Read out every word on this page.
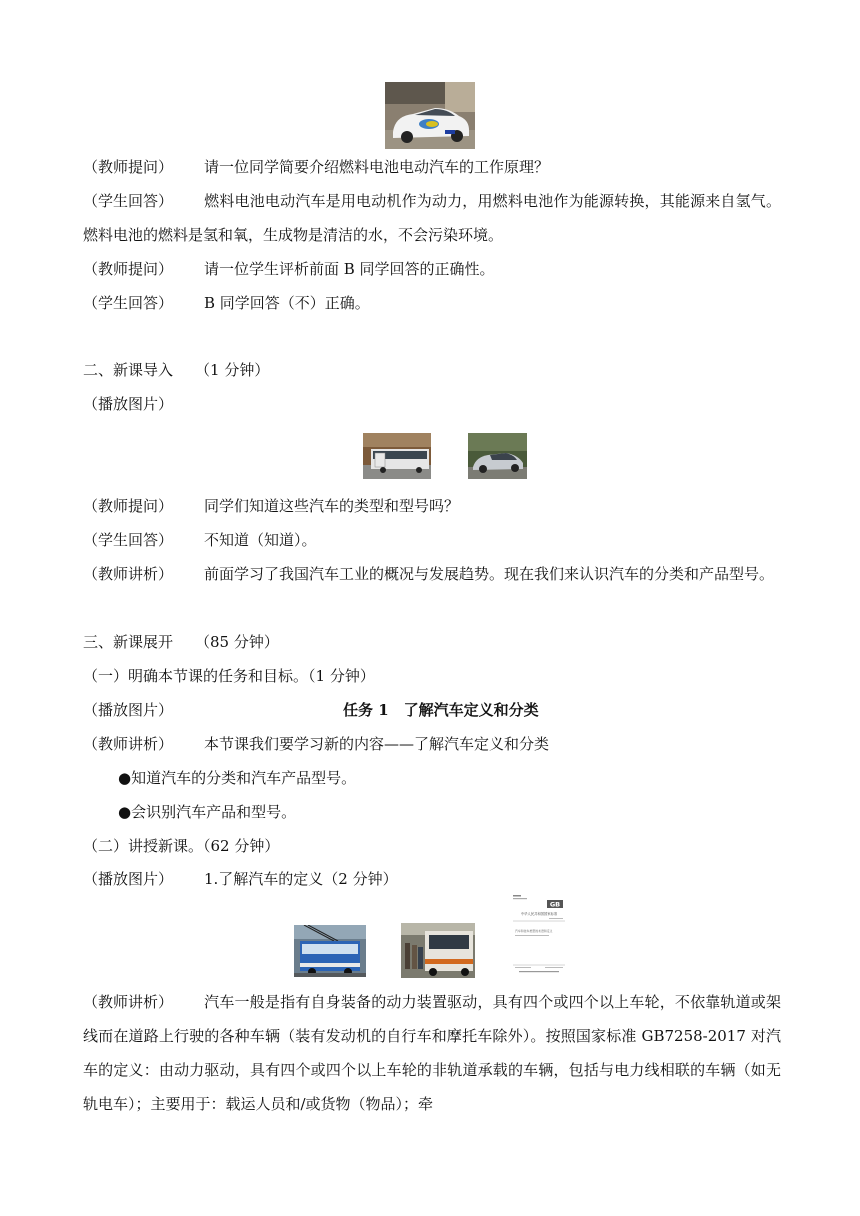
（教师提问） 请一位同学简要介绍燃料电池电动汽车的工作原理？
（学生回答） 燃料电池电动汽车是用电动机作为动力，用燃料电池作为能源转换，其能源来自氢气。燃料电池的燃料是氢和氧，生成物是清洁的水，不会污染环境。
（教师提问） 请一位学生评析前面 B 同学回答的正确性。
（学生回答） B 同学回答（不）正确。
二、新课导入 （1 分钟）
（播放图片）
（教师提问） 同学们知道这些汽车的类型和型号吗？
（学生回答） 不知道（知道）。
（教师讲析） 前面学习了我国汽车工业的概况与发展趋势。现在我们来认识汽车的分类和产品型号。
三、新课展开 （85 分钟）
（一）明确本节课的任务和目标。（1 分钟）
（播放图片）	任务 1　了解汽车定义和分类
（教师讲析） 本节课我们要学习新的内容——了解汽车定义和分类
●知道汽车的分类和汽车产品型号。
●会识别汽车产品和型号。
（二）讲授新课。（62 分钟）
（播放图片） 1.了解汽车的定义（2 分钟）
GB
中华人民共和国国家标准
汽车和挂车类型的术语和定义
（教师讲析） 汽车一般是指有自身装备的动力装置驱动，具有四个或四个以上车轮，不依靠轨道或架线而在道路上行驶的各种车辆（装有发动机的自行车和摩托车除外）。按照国家标准 GB7258-2017 对汽车的定义：由动力驱动，具有四个或四个以上车轮的非轨道承载的车辆，包括与电力线相联的车辆（如无轨电车）；主要用于：载运人员和/或货物（物品）；牵
